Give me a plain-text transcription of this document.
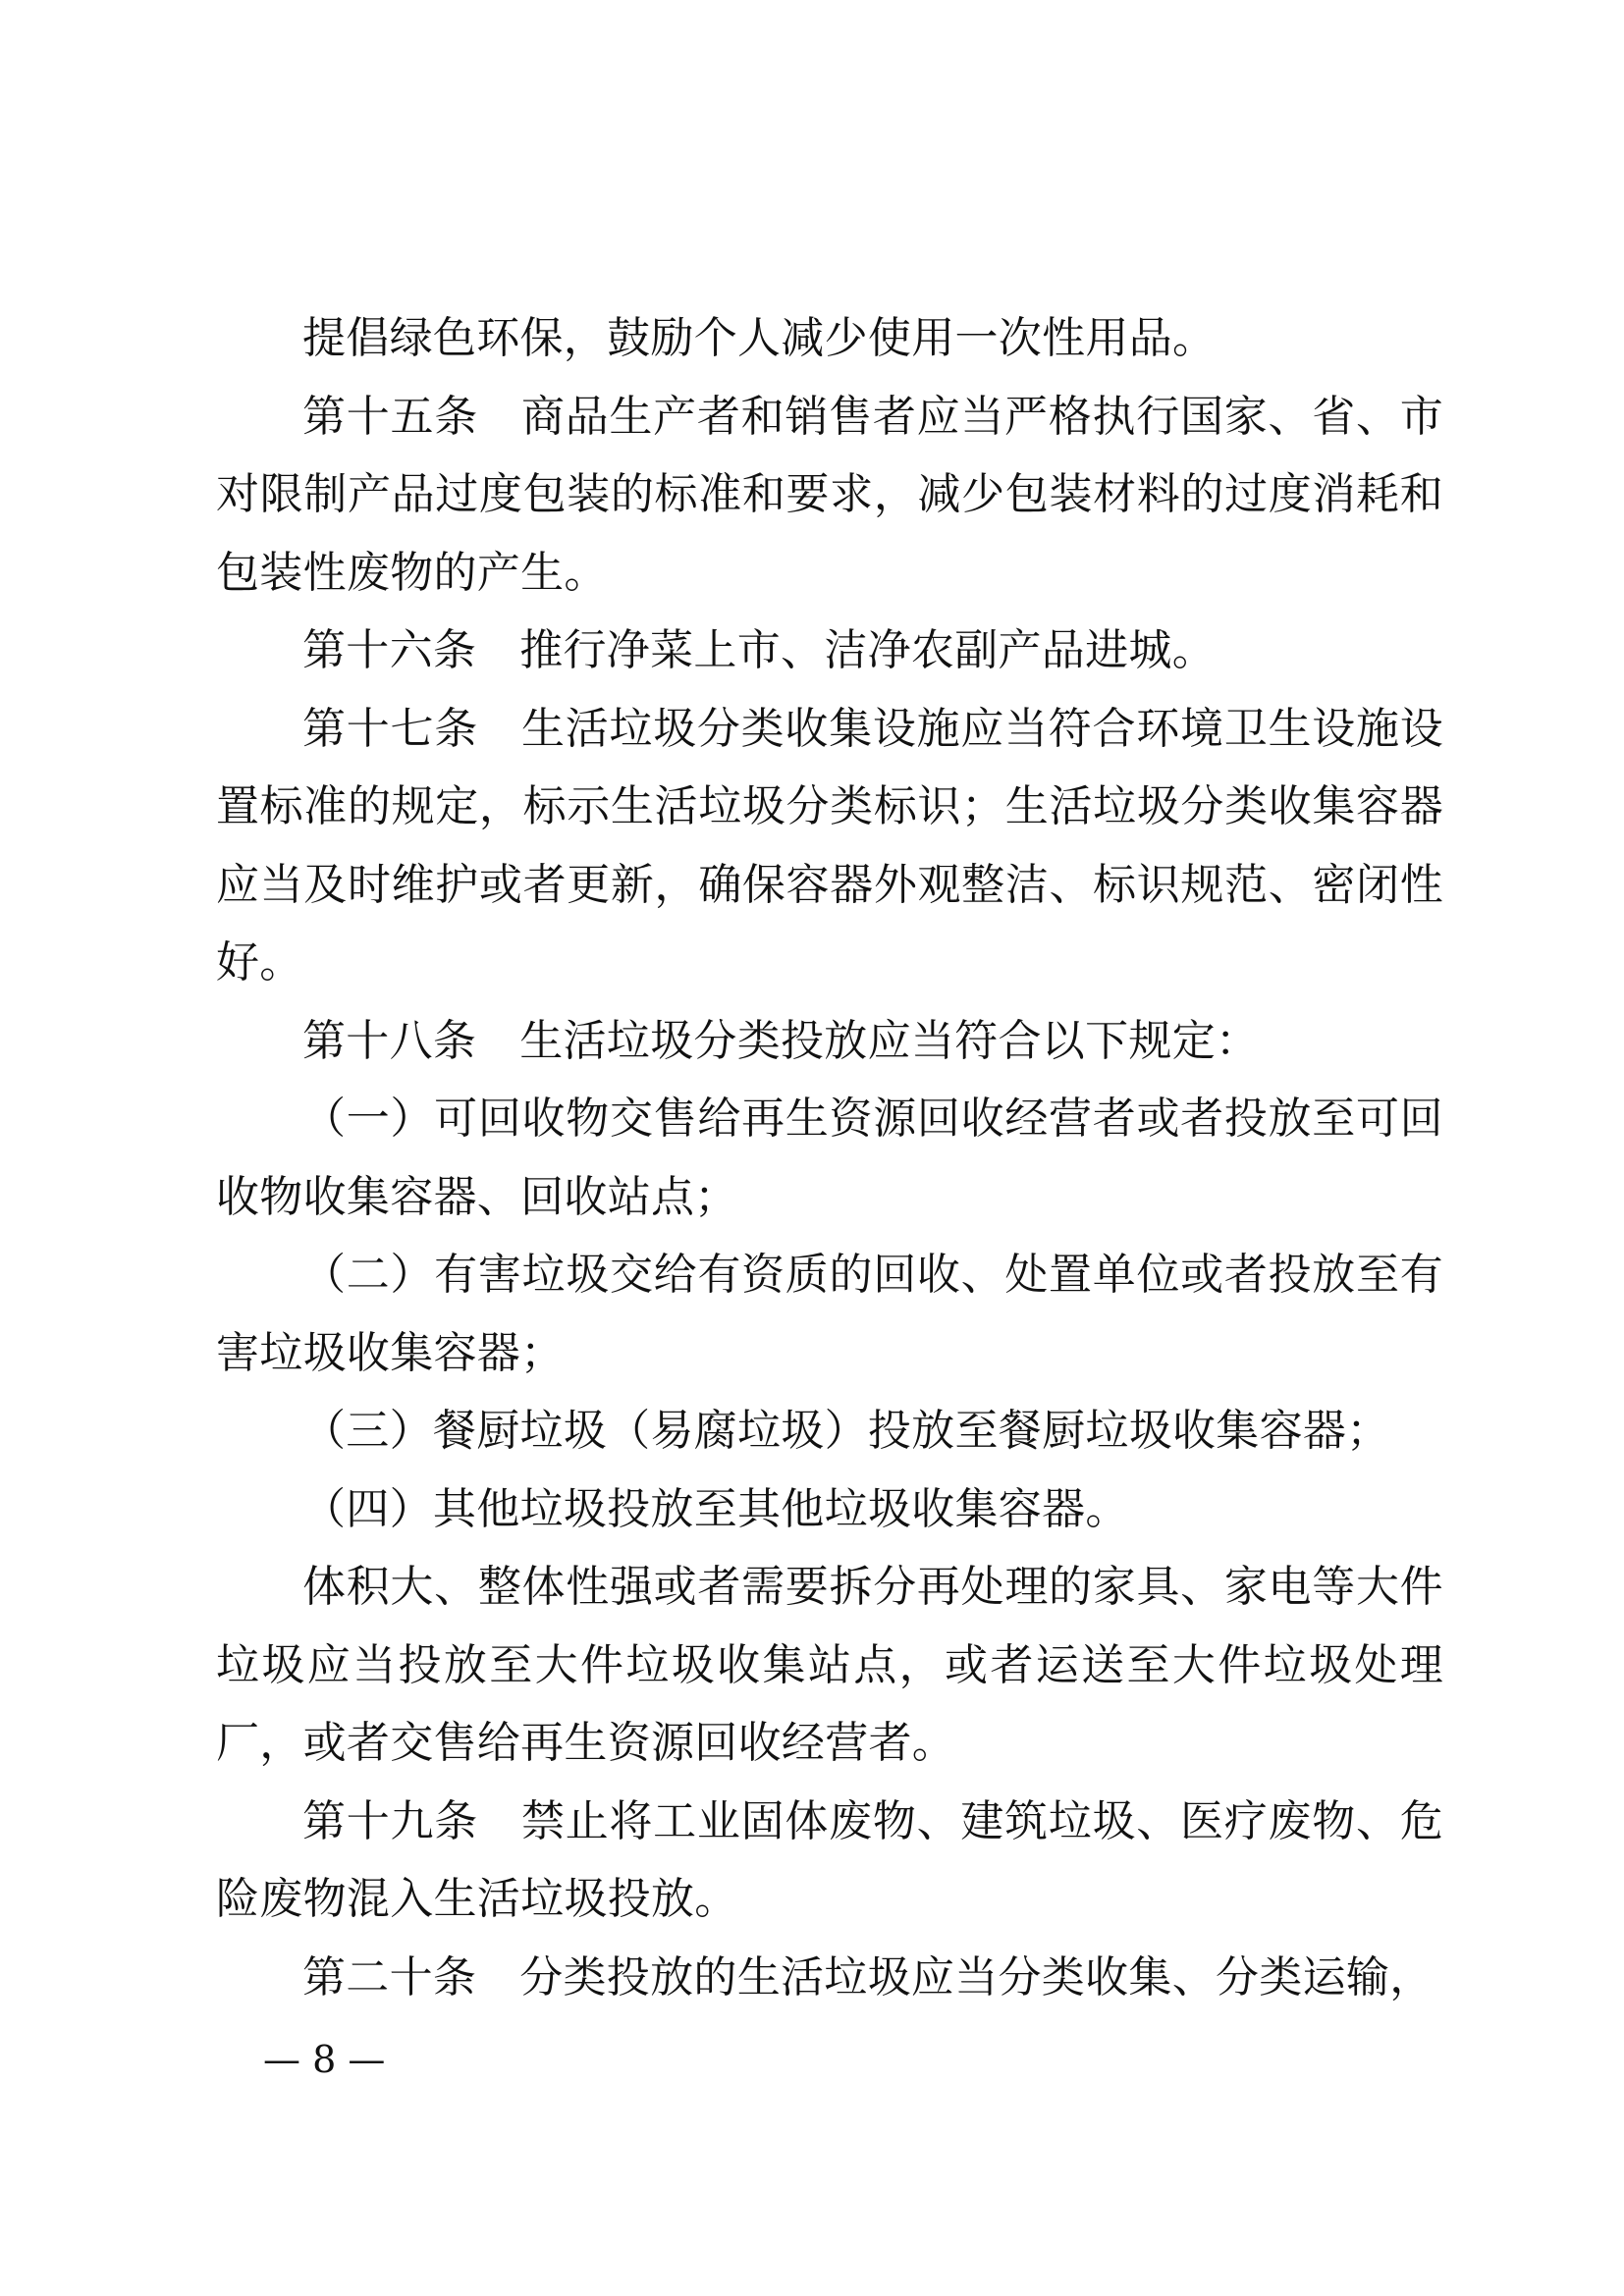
提倡绿色环保，鼓励个人减少使用一次性用品。

第十五条 商品生产者和销售者应当严格执行国家、省、市对限制产品过度包装的标准和要求，减少包装材料的过度消耗和包装性废物的产生。

第十六条 推行净菜上市、洁净农副产品进城。

第十七条 生活垃圾分类收集设施应当符合环境卫生设施设置标准的规定，标示生活垃圾分类标识；生活垃圾分类收集容器应当及时维护或者更新，确保容器外观整洁、标识规范、密闭性好。

第十八条 生活垃圾分类投放应当符合以下规定：

（一）可回收物交售给再生资源回收经营者或者投放至可回收物收集容器、回收站点；

（二）有害垃圾交给有资质的回收、处置单位或者投放至有害垃圾收集容器；

（三）餐厨垃圾（易腐垃圾）投放至餐厨垃圾收集容器；

（四）其他垃圾投放至其他垃圾收集容器。

体积大、整体性强或者需要拆分再处理的家具、家电等大件垃圾应当投放至大件垃圾收集站点，或者运送至大件垃圾处理厂，或者交售给再生资源回收经营者。

第十九条 禁止将工业固体废物、建筑垃圾、医疗废物、危险废物混入生活垃圾投放。

第二十条 分类投放的生活垃圾应当分类收集、分类运输，

— 8 —
